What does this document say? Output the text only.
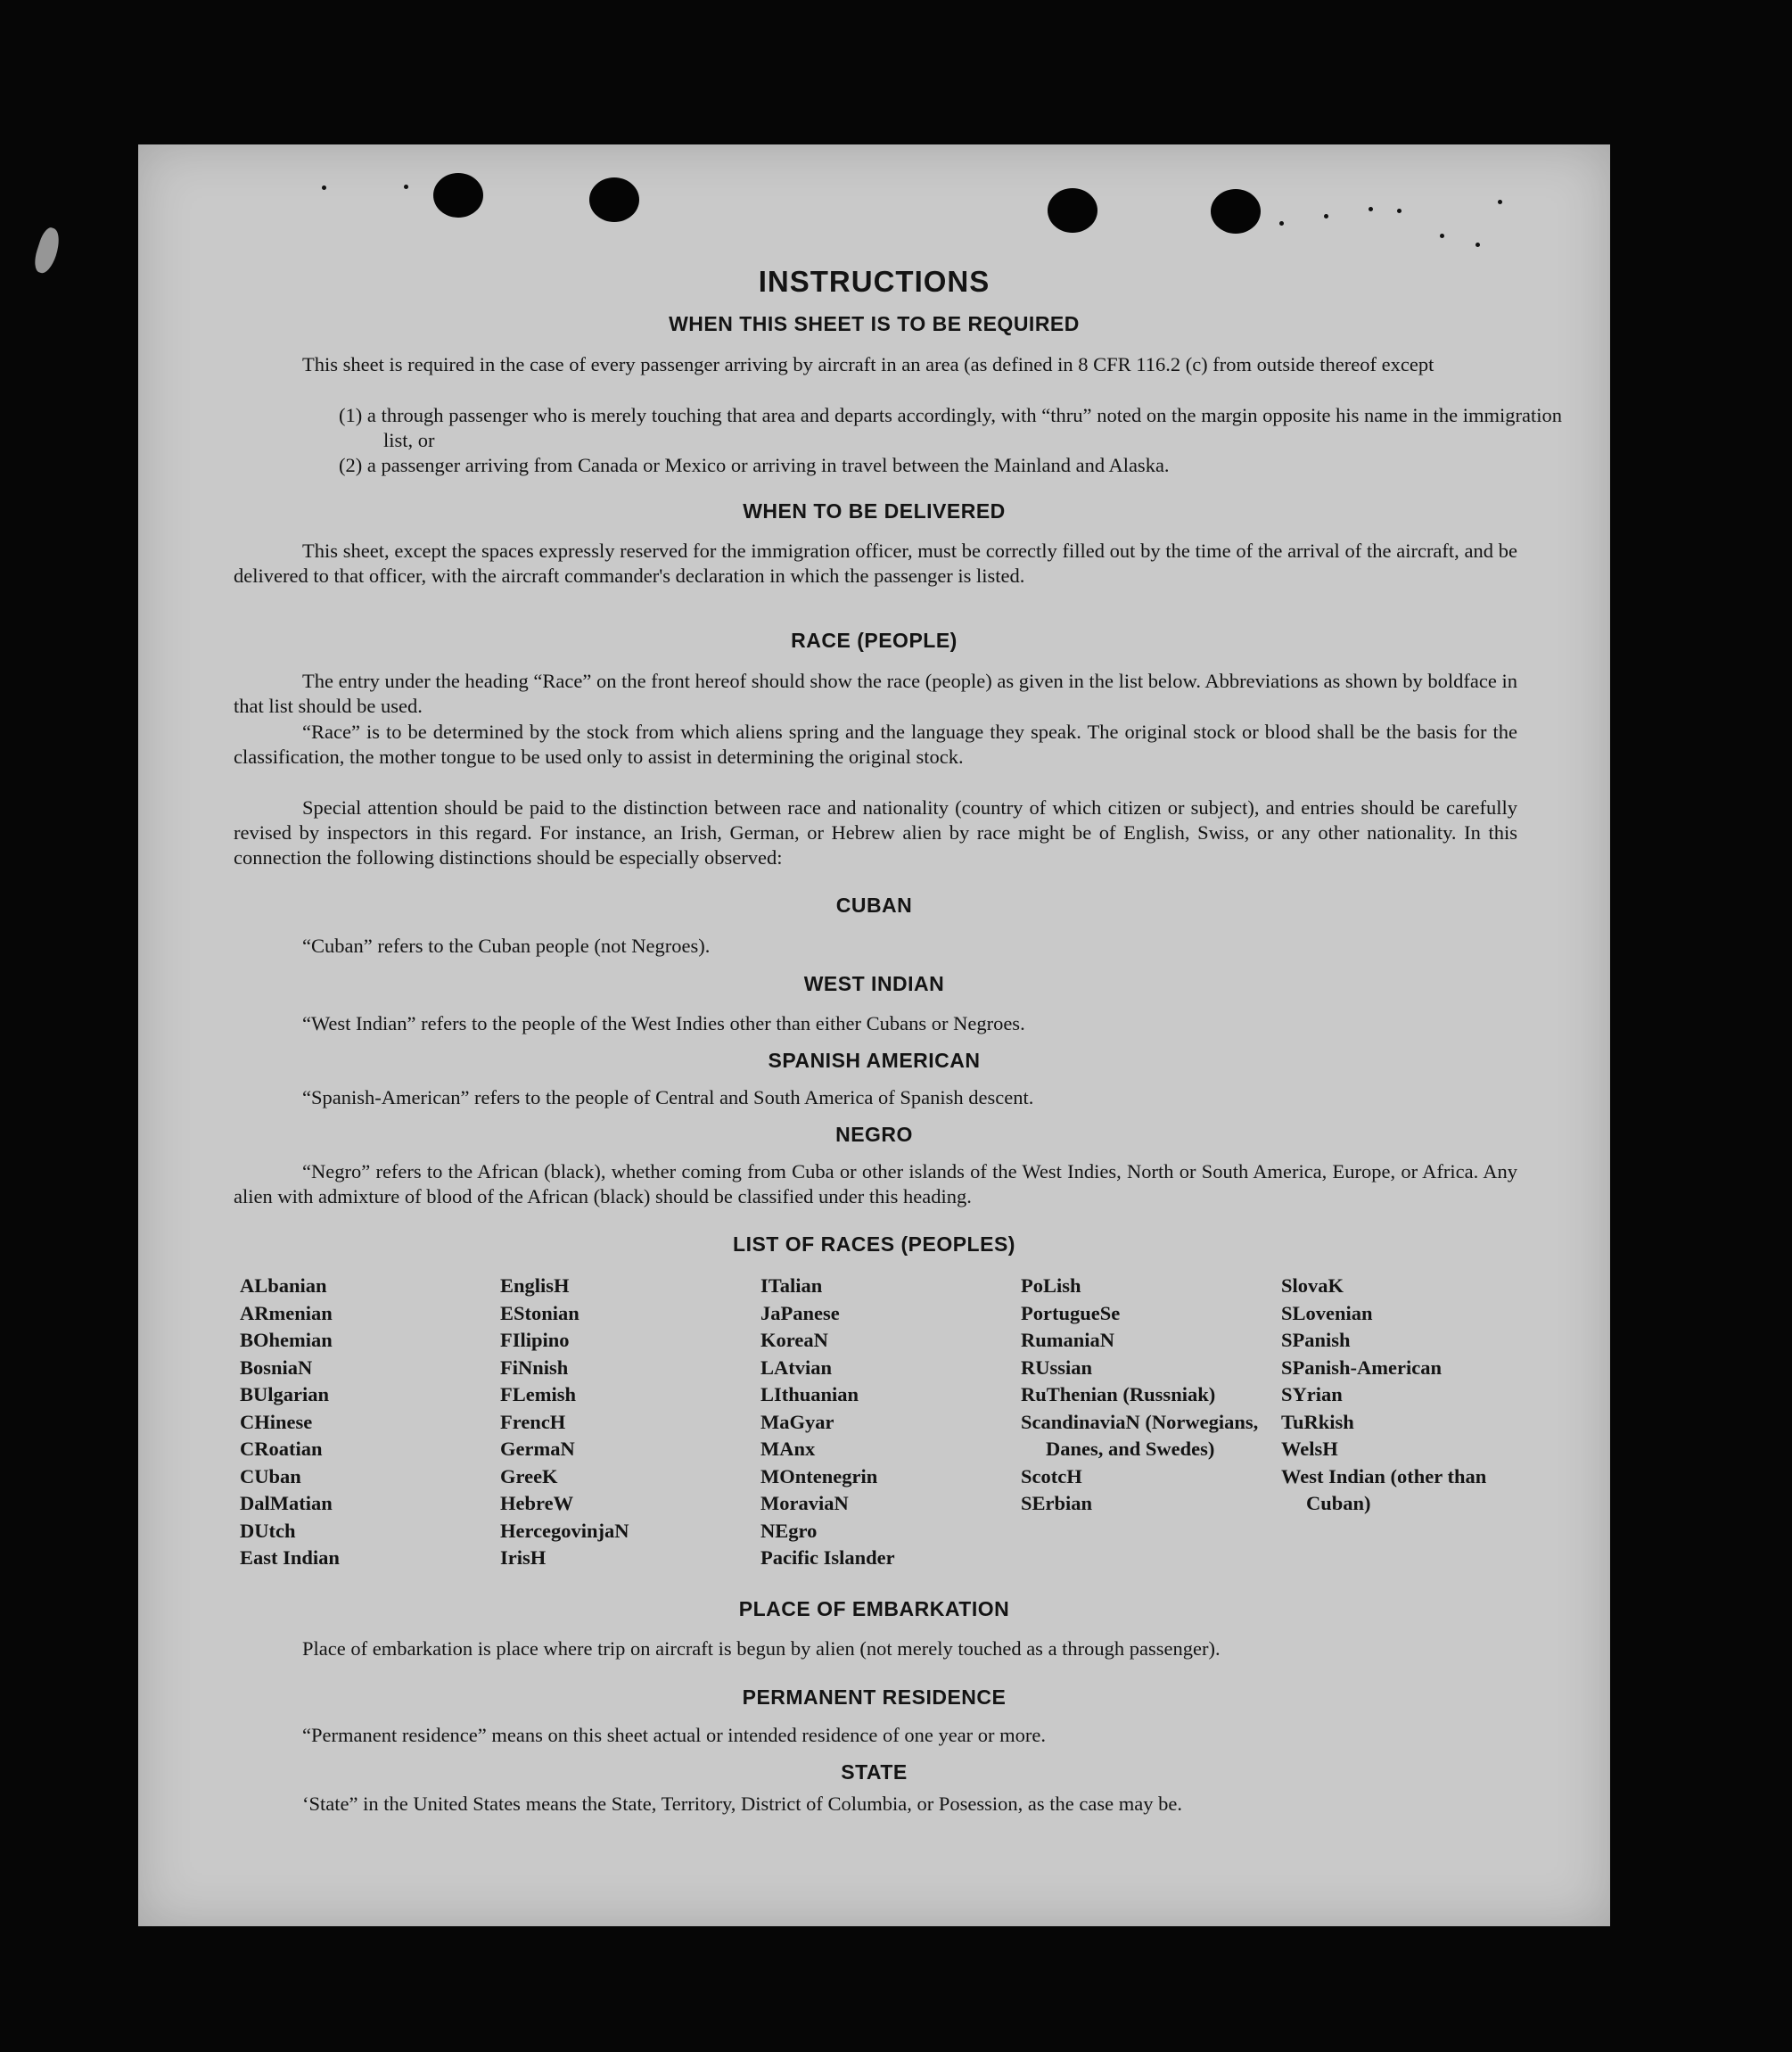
INSTRUCTIONS
WHEN THIS SHEET IS TO BE REQUIRED

This sheet is required in the case of every passenger arriving by aircraft in an area (as defined in 8 CFR 116.2 (c) from outside thereof except

(1) a through passenger who is merely touching that area and departs accordingly, with “thru” noted on the margin opposite his name in the immigration list, or

(2) a passenger arriving from Canada or Mexico or arriving in travel between the Mainland and Alaska.

WHEN TO BE DELIVERED

This sheet, except the spaces expressly reserved for the immigration officer, must be correctly filled out by the time of the arrival of the aircraft, and be delivered to that officer, with the aircraft commander's declaration in which the passenger is listed.

RACE (PEOPLE)

The entry under the heading “Race” on the front hereof should show the race (people) as given in the list below. Abbreviations as shown by boldface in that list should be used.

“Race” is to be determined by the stock from which aliens spring and the language they speak. The original stock or blood shall be the basis for the classification, the mother tongue to be used only to assist in determining the original stock.

Special attention should be paid to the distinction between race and nationality (country of which citizen or subject), and entries should be carefully revised by inspectors in this regard. For instance, an Irish, German, or Hebrew alien by race might be of English, Swiss, or any other nationality. In this connection the following distinctions should be especially observed:

CUBAN

“Cuban” refers to the Cuban people (not Negroes).

WEST INDIAN

“West Indian” refers to the people of the West Indies other than either Cubans or Negroes.

SPANISH AMERICAN

“Spanish-American” refers to the people of Central and South America of Spanish descent.

NEGRO

“Negro” refers to the African (black), whether coming from Cuba or other islands of the West Indies, North or South America, Europe, or Africa. Any alien with admixture of blood of the African (black) should be classified under this heading.

LIST OF RACES (PEOPLES)
ALbanian
ARmenian
BOhemian
BosniaN
BUlgarian
CHinese
CRoatian
CUban
DalMatian
DUtch
East Indian
EnglisH
EStonian
FIlipino
FiNnish
FLemish
FrencH
GermaN
GreeK
HebreW
HercegovinjaN
IrisH
ITalian
JaPanese
KoreaN
LAtvian
LIthuanian
MaGyar
MAnx
MOntenegrin
MoraviaN
NEgro
Pacific Islander
PoLish
PortugueSe
RumaniaN
RUssian
RuThenian (Russniak)
ScandinaviaN (Norwegians, Danes, and Swedes)
ScotcH
SErbian
SlovaK
SLovenian
SPanish
SPanish-American
SYrian
TuRkish
WelsH
West Indian (other than Cuban)
PLACE OF EMBARKATION

Place of embarkation is place where trip on aircraft is begun by alien (not merely touched as a through passenger).

PERMANENT RESIDENCE

“Permanent residence” means on this sheet actual or intended residence of one year or more.

STATE

‘State” in the United States means the State, Territory, District of Columbia, or Posession, as the case may be.
